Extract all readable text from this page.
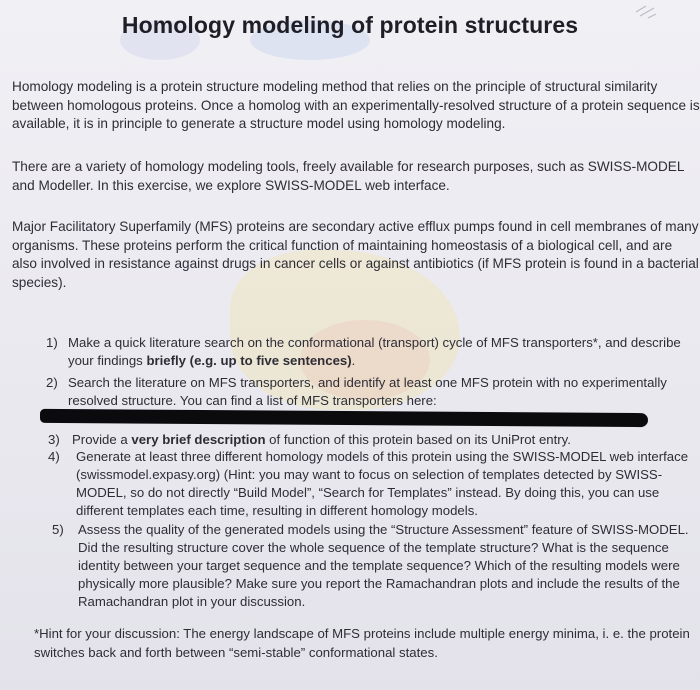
Homology modeling of protein structures
Homology modeling is a protein structure modeling method that relies on the principle of structural similarity between homologous proteins. Once a homolog with an experimentally-resolved structure of a protein sequence is available, it is in principle to generate a structure model using homology modeling.
There are a variety of homology modeling tools, freely available for research purposes, such as SWISS-MODEL and Modeller. In this exercise, we explore SWISS-MODEL web interface.
Major Facilitatory Superfamily (MFS) proteins are secondary active efflux pumps found in cell membranes of many organisms. These proteins perform the critical function of maintaining homeostasis of a biological cell, and are also involved in resistance against drugs in cancer cells or against antibiotics (if MFS protein is found in a bacterial species).
1) Make a quick literature search on the conformational (transport) cycle of MFS transporters*, and describe your findings briefly (e.g. up to five sentences).
2) Search the literature on MFS transporters, and identify at least one MFS protein with no experimentally resolved structure. You can find a list of MFS transporters here:
3) Provide a very brief description of function of this protein based on its UniProt entry.
4) Generate at least three different homology models of this protein using the SWISS-MODEL web interface (swissmodel.expasy.org) (Hint: you may want to focus on selection of templates detected by SWISS-MODEL, so do not directly “Build Model”, “Search for Templates” instead. By doing this, you can use different templates each time, resulting in different homology models.
5) Assess the quality of the generated models using the “Structure Assessment” feature of SWISS-MODEL. Did the resulting structure cover the whole sequence of the template structure? What is the sequence identity between your target sequence and the template sequence? Which of the resulting models were physically more plausible? Make sure you report the Ramachandran plots and include the results of the Ramachandran plot in your discussion.
*Hint for your discussion: The energy landscape of MFS proteins include multiple energy minima, i. e. the protein switches back and forth between “semi-stable” conformational states.
